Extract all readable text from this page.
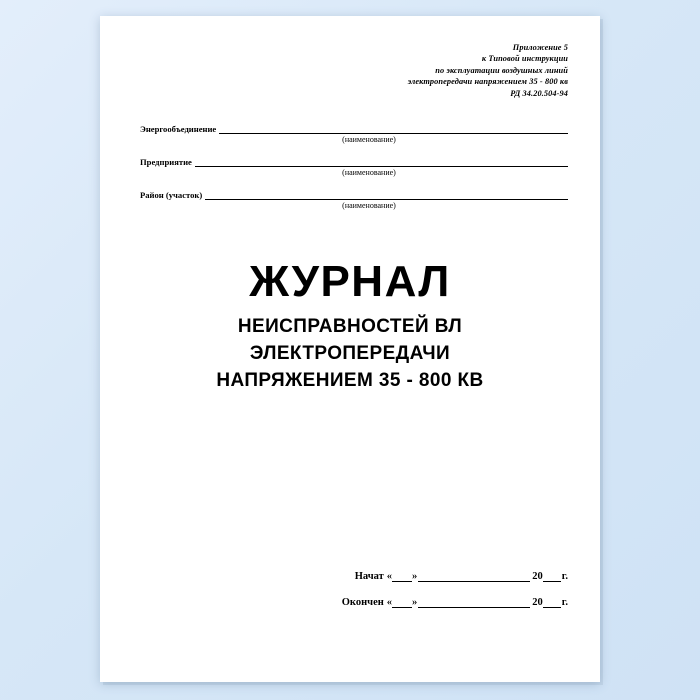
Приложение 5
к Типовой инструкции
по эксплуатации воздушных линий
электропередачи напряжением 35 - 800 кв
РД 34.20.504-94
Энергообъединение
(наименование)
Предприятие
(наименование)
Район (участок)
(наименование)
ЖУРНАЛ
НЕИСПРАВНОСТЕЙ ВЛ
ЭЛЕКТРОПЕРЕДАЧИ
НАПРЯЖЕНИЕМ 35 - 800 КВ
Начат « »	20 г.
Окончен « »	20 г.
